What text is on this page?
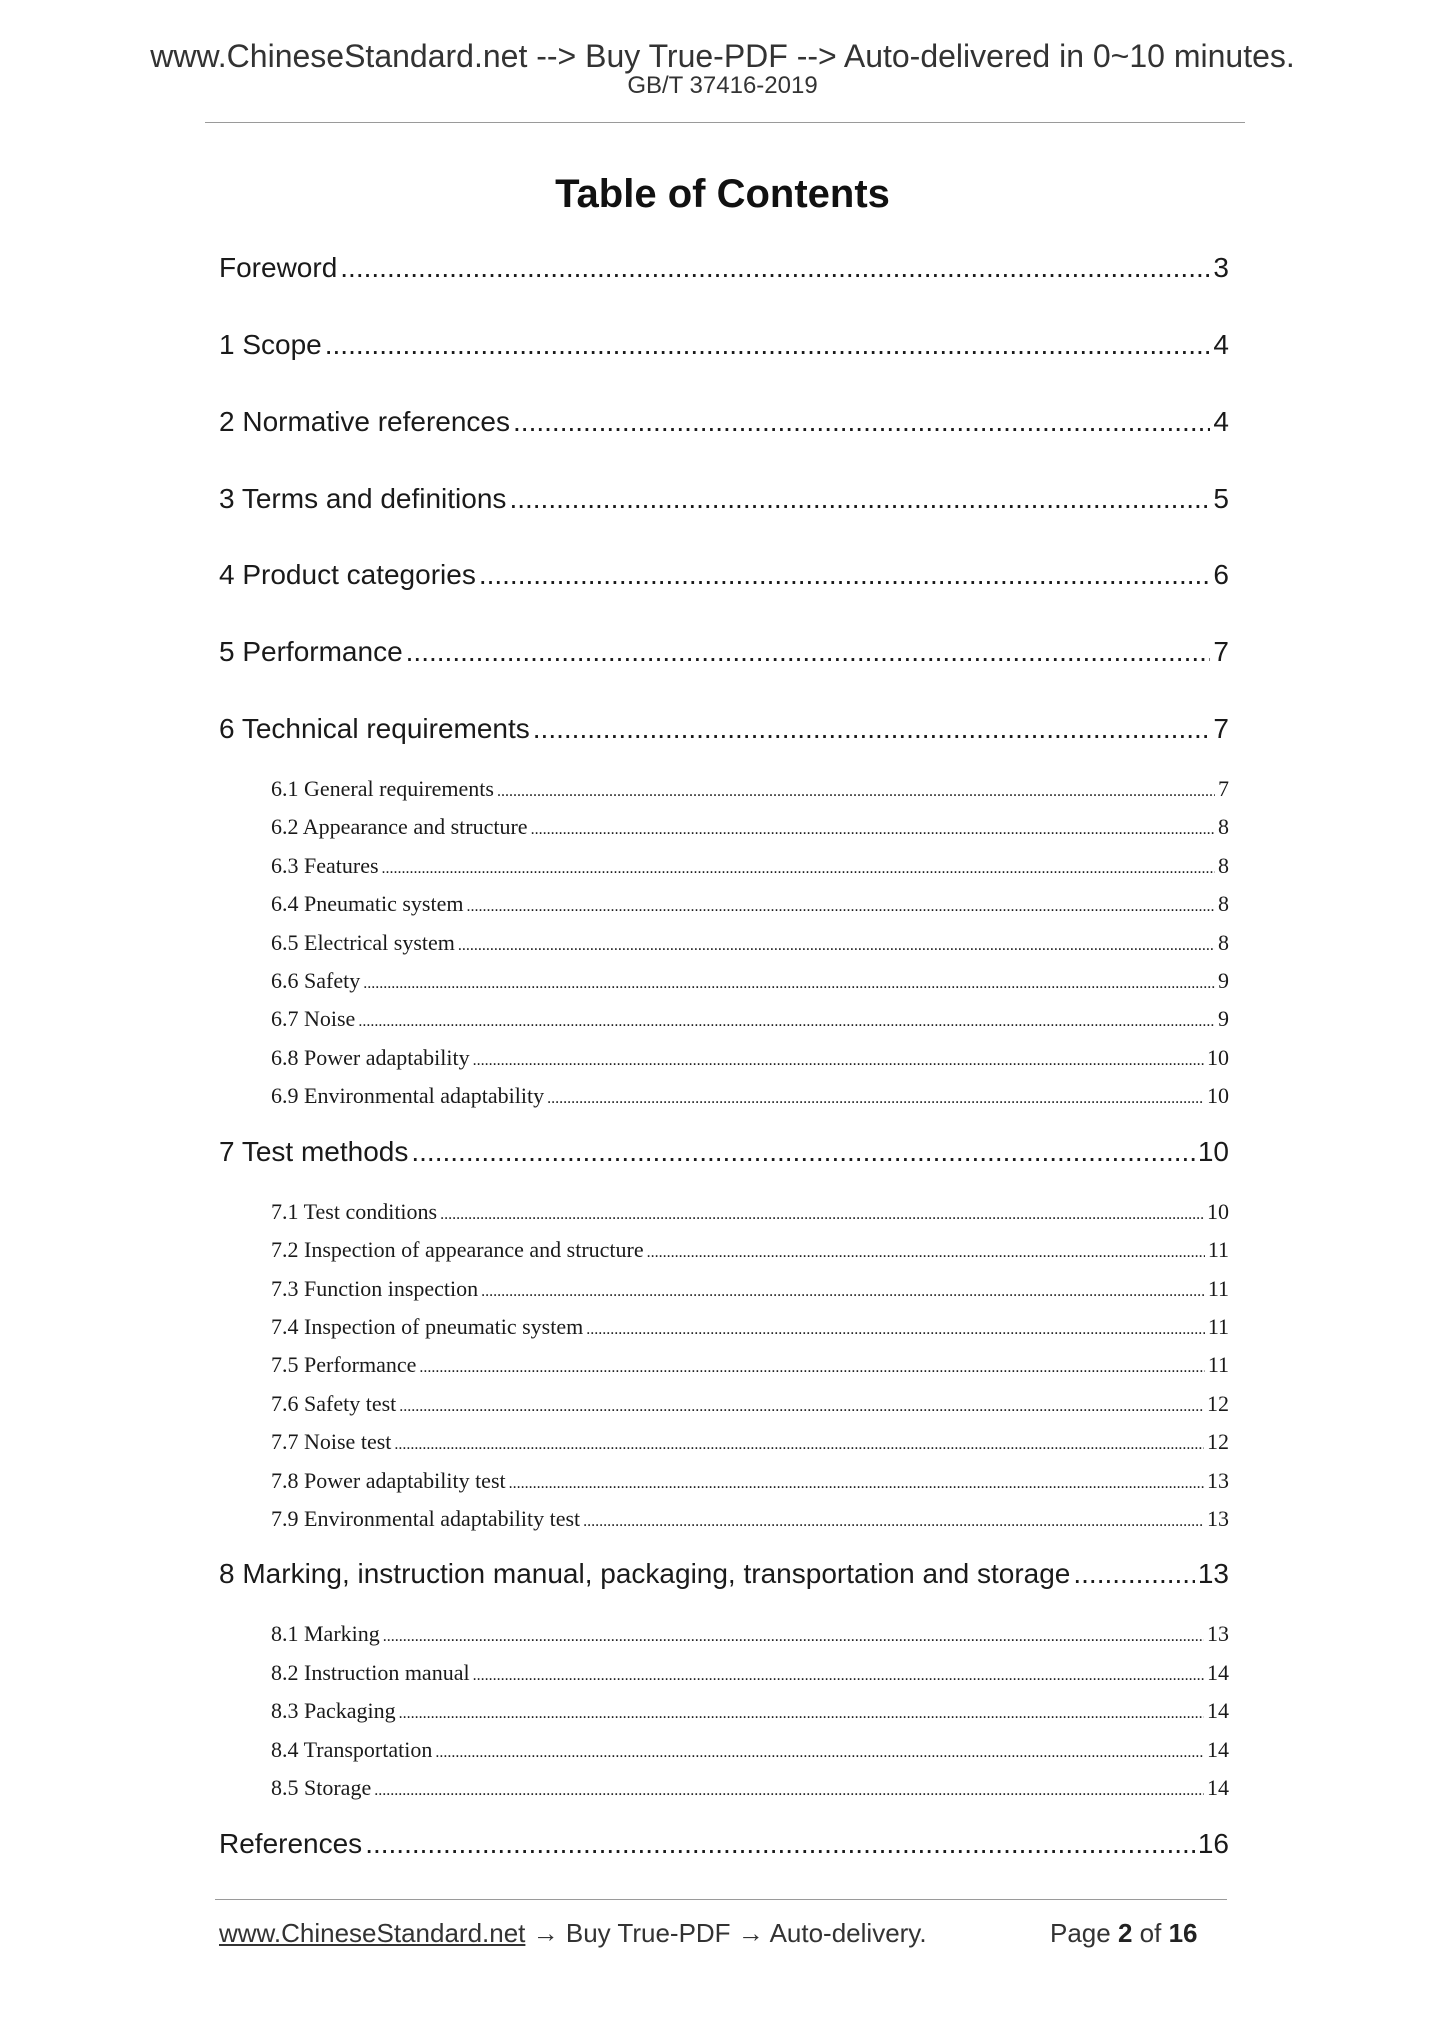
www.ChineseStandard.net --> Buy True-PDF --> Auto-delivered in 0~10 minutes.
GB/T 37416-2019
Table of Contents
Foreword .....	3
1 Scope .....	4
2 Normative references .....	4
3 Terms and definitions .....	5
4 Product categories .....	6
5 Performance .....	7
6 Technical requirements .....	7
6.1 General requirements .....	7
6.2 Appearance and structure .....	8
6.3 Features .....	8
6.4 Pneumatic system .....	8
6.5 Electrical system .....	8
6.6 Safety .....	9
6.7 Noise .....	9
6.8 Power adaptability .....	10
6.9 Environmental adaptability .....	10
7 Test methods .....	10
7.1 Test conditions .....	10
7.2 Inspection of appearance and structure .....	11
7.3 Function inspection .....	11
7.4 Inspection of pneumatic system .....	11
7.5 Performance .....	11
7.6 Safety test .....	12
7.7 Noise test .....	12
7.8 Power adaptability test .....	13
7.9 Environmental adaptability test .....	13
8 Marking, instruction manual, packaging, transportation and storage .....	13
8.1 Marking .....	13
8.2 Instruction manual .....	14
8.3 Packaging .....	14
8.4 Transportation .....	14
8.5 Storage .....	14
References .....	16
www.ChineseStandard.net → Buy True-PDF → Auto-delivery.	Page 2 of 16
